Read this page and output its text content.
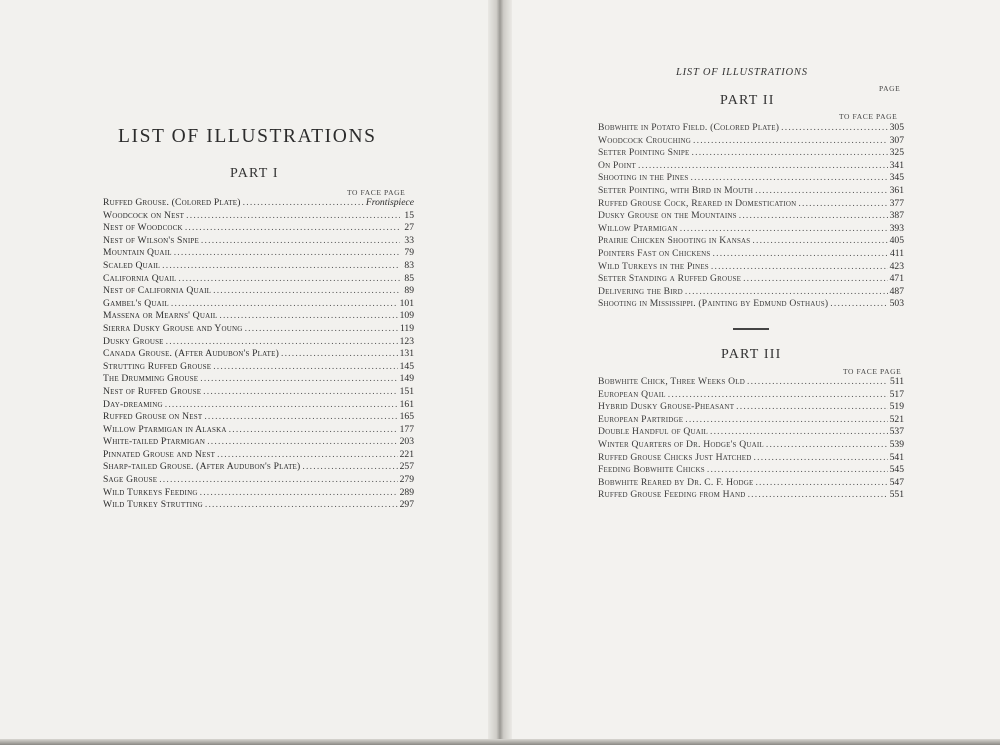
LIST OF ILLUSTRATIONS
PART I
TO FACE PAGE
Ruffed Grouse. (Colored Plate) .....	Frontispiece
Woodcock on Nest .....	15
Nest of Woodcock .....	27
Nest of Wilson's Snipe .....	33
Mountain Quail .....	79
Scaled Quail .....	83
California Quail .....	85
Nest of California Quail .....	89
Gambel's Quail .....	101
Massena or Mearns' Quail .....	109
Sierra Dusky Grouse and Young .....	119
Dusky Grouse .....	123
Canada Grouse. (After Audubon's Plate) .....	131
Strutting Ruffed Grouse .....	145
The Drumming Grouse .....	149
Nest of Ruffed Grouse .....	151
Day-dreaming .....	161
Ruffed Grouse on Nest .....	165
Willow Ptarmigan in Alaska .....	177
White-tailed Ptarmigan .....	203
Pinnated Grouse and Nest .....	221
Sharp-tailed Grouse. (After Audubon's Plate) .....	257
Sage Grouse .....	279
Wild Turkeys Feeding .....	289
Wild Turkey Strutting .....	297
LIST OF ILLUSTRATIONS
PAGE
PART II
TO FACE PAGE
Bobwhite in Potato Field. (Colored Plate) .....	305
Woodcock Crouching .....	307
Setter Pointing Snipe .....	325
On Point .....	341
Shooting in the Pines .....	345
Setter Pointing, with Bird in Mouth .....	361
Ruffed Grouse Cock, Reared in Domestication .....	377
Dusky Grouse on the Mountains .....	387
Willow Ptarmigan .....	393
Prairie Chicken Shooting in Kansas .....	405
Pointers Fast on Chickens .....	411
Wild Turkeys in the Pines .....	423
Setter Standing a Ruffed Grouse .....	471
Delivering the Bird .....	487
Shooting in Mississippi. (Painting by Edmund Osthaus) .....	503
PART III
TO FACE PAGE
Bobwhite Chick, Three Weeks Old .....	511
European Quail .....	517
Hybrid Dusky Grouse-Pheasant .....	519
European Partridge .....	521
Double Handful of Quail .....	537
Winter Quarters of Dr. Hodge's Quail .....	539
Ruffed Grouse Chicks Just Hatched .....	541
Feeding Bobwhite Chicks .....	545
Bobwhite Reared by Dr. C. F. Hodge .....	547
Ruffed Grouse Feeding from Hand .....	551
